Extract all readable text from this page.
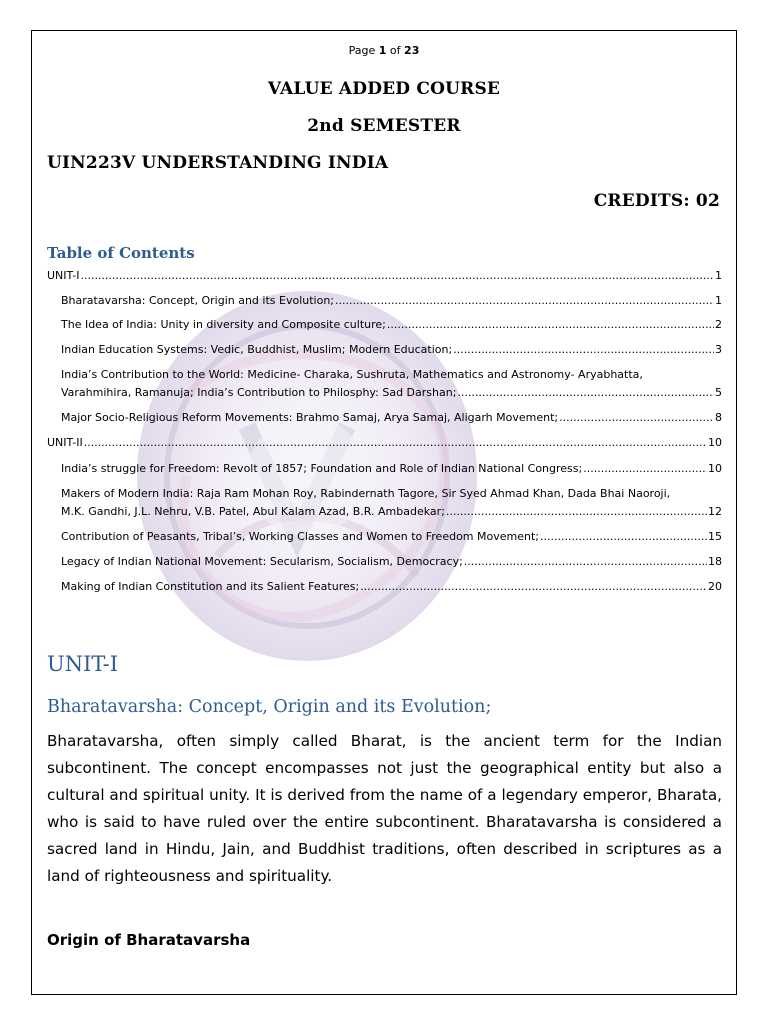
Page 1 of 23
VALUE ADDED COURSE
2nd SEMESTER
UIN223V UNDERSTANDING INDIA
CREDITS: 02
Table of Contents
UNIT-I .....	1
Bharatavarsha: Concept, Origin and its Evolution; .....	1
The Idea of India: Unity in diversity and Composite culture; .....	2
Indian Education Systems: Vedic, Buddhist, Muslim; Modern Education; .....	3
India’s Contribution to the World: Medicine- Charaka, Sushruta, Mathematics and Astronomy- Aryabhatta,
Varahmihira, Ramanuja; India’s Contribution to Philosphy: Sad Darshan; .....	5
Major Socio-Religious Reform Movements: Brahmo Samaj, Arya Samaj, Aligarh Movement; .....	8
UNIT-II .....	10
India’s struggle for Freedom: Revolt of 1857; Foundation and Role of Indian National Congress; .....	10
Makers of Modern India: Raja Ram Mohan Roy, Rabindernath Tagore, Sir Syed Ahmad Khan, Dada Bhai Naoroji,
M.K. Gandhi, J.L. Nehru, V.B. Patel, Abul Kalam Azad, B.R. Ambadekar; .....	12
Contribution of Peasants, Tribal’s, Working Classes and Women to Freedom Movement; .....	15
Legacy of Indian National Movement: Secularism, Socialism, Democracy; .....	18
Making of Indian Constitution and its Salient Features; .....	20
UNIT-I
Bharatavarsha: Concept, Origin and its Evolution;

Bharatavarsha, often simply called Bharat, is the ancient term for the Indian subcontinent. The concept encompasses not just the geographical entity but also a cultural and spiritual unity. It is derived from the name of a legendary emperor, Bharata, who is said to have ruled over the entire subcontinent. Bharatavarsha is considered a sacred land in Hindu, Jain, and Buddhist traditions, often described in scriptures as a land of righteousness and spirituality.

Origin of Bharatavarsha
